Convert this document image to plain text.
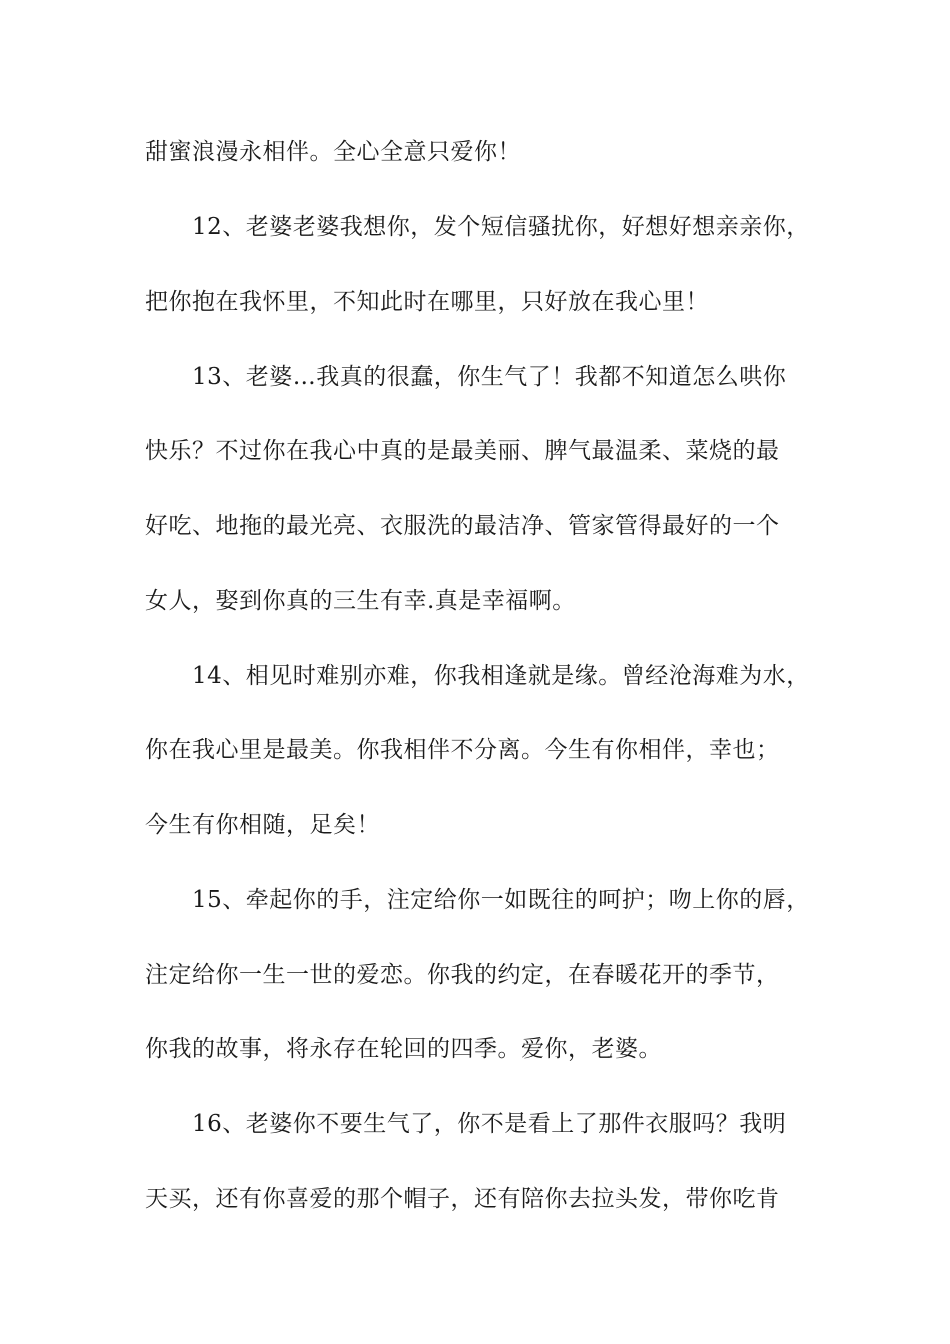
甜蜜浪漫永相伴。全心全意只爱你！
12、老婆老婆我想你，发个短信骚扰你，好想好想亲亲你，
把你抱在我怀里，不知此时在哪里，只好放在我心里！
13、老婆…我真的很蠢，你生气了！我都不知道怎么哄你
快乐？不过你在我心中真的是最美丽、脾气最温柔、菜烧的最
好吃、地拖的最光亮、衣服洗的最洁净、管家管得最好的一个
女人，娶到你真的三生有幸.真是幸福啊。
14、相见时难别亦难，你我相逢就是缘。曾经沧海难为水，
你在我心里是最美。你我相伴不分离。今生有你相伴，幸也；
今生有你相随，足矣！
15、牵起你的手，注定给你一如既往的呵护；吻上你的唇，
注定给你一生一世的爱恋。你我的约定，在春暖花开的季节，
你我的故事，将永存在轮回的四季。爱你，老婆。
16、老婆你不要生气了，你不是看上了那件衣服吗？我明
天买，还有你喜爱的那个帽子，还有陪你去拉头发，带你吃肯
